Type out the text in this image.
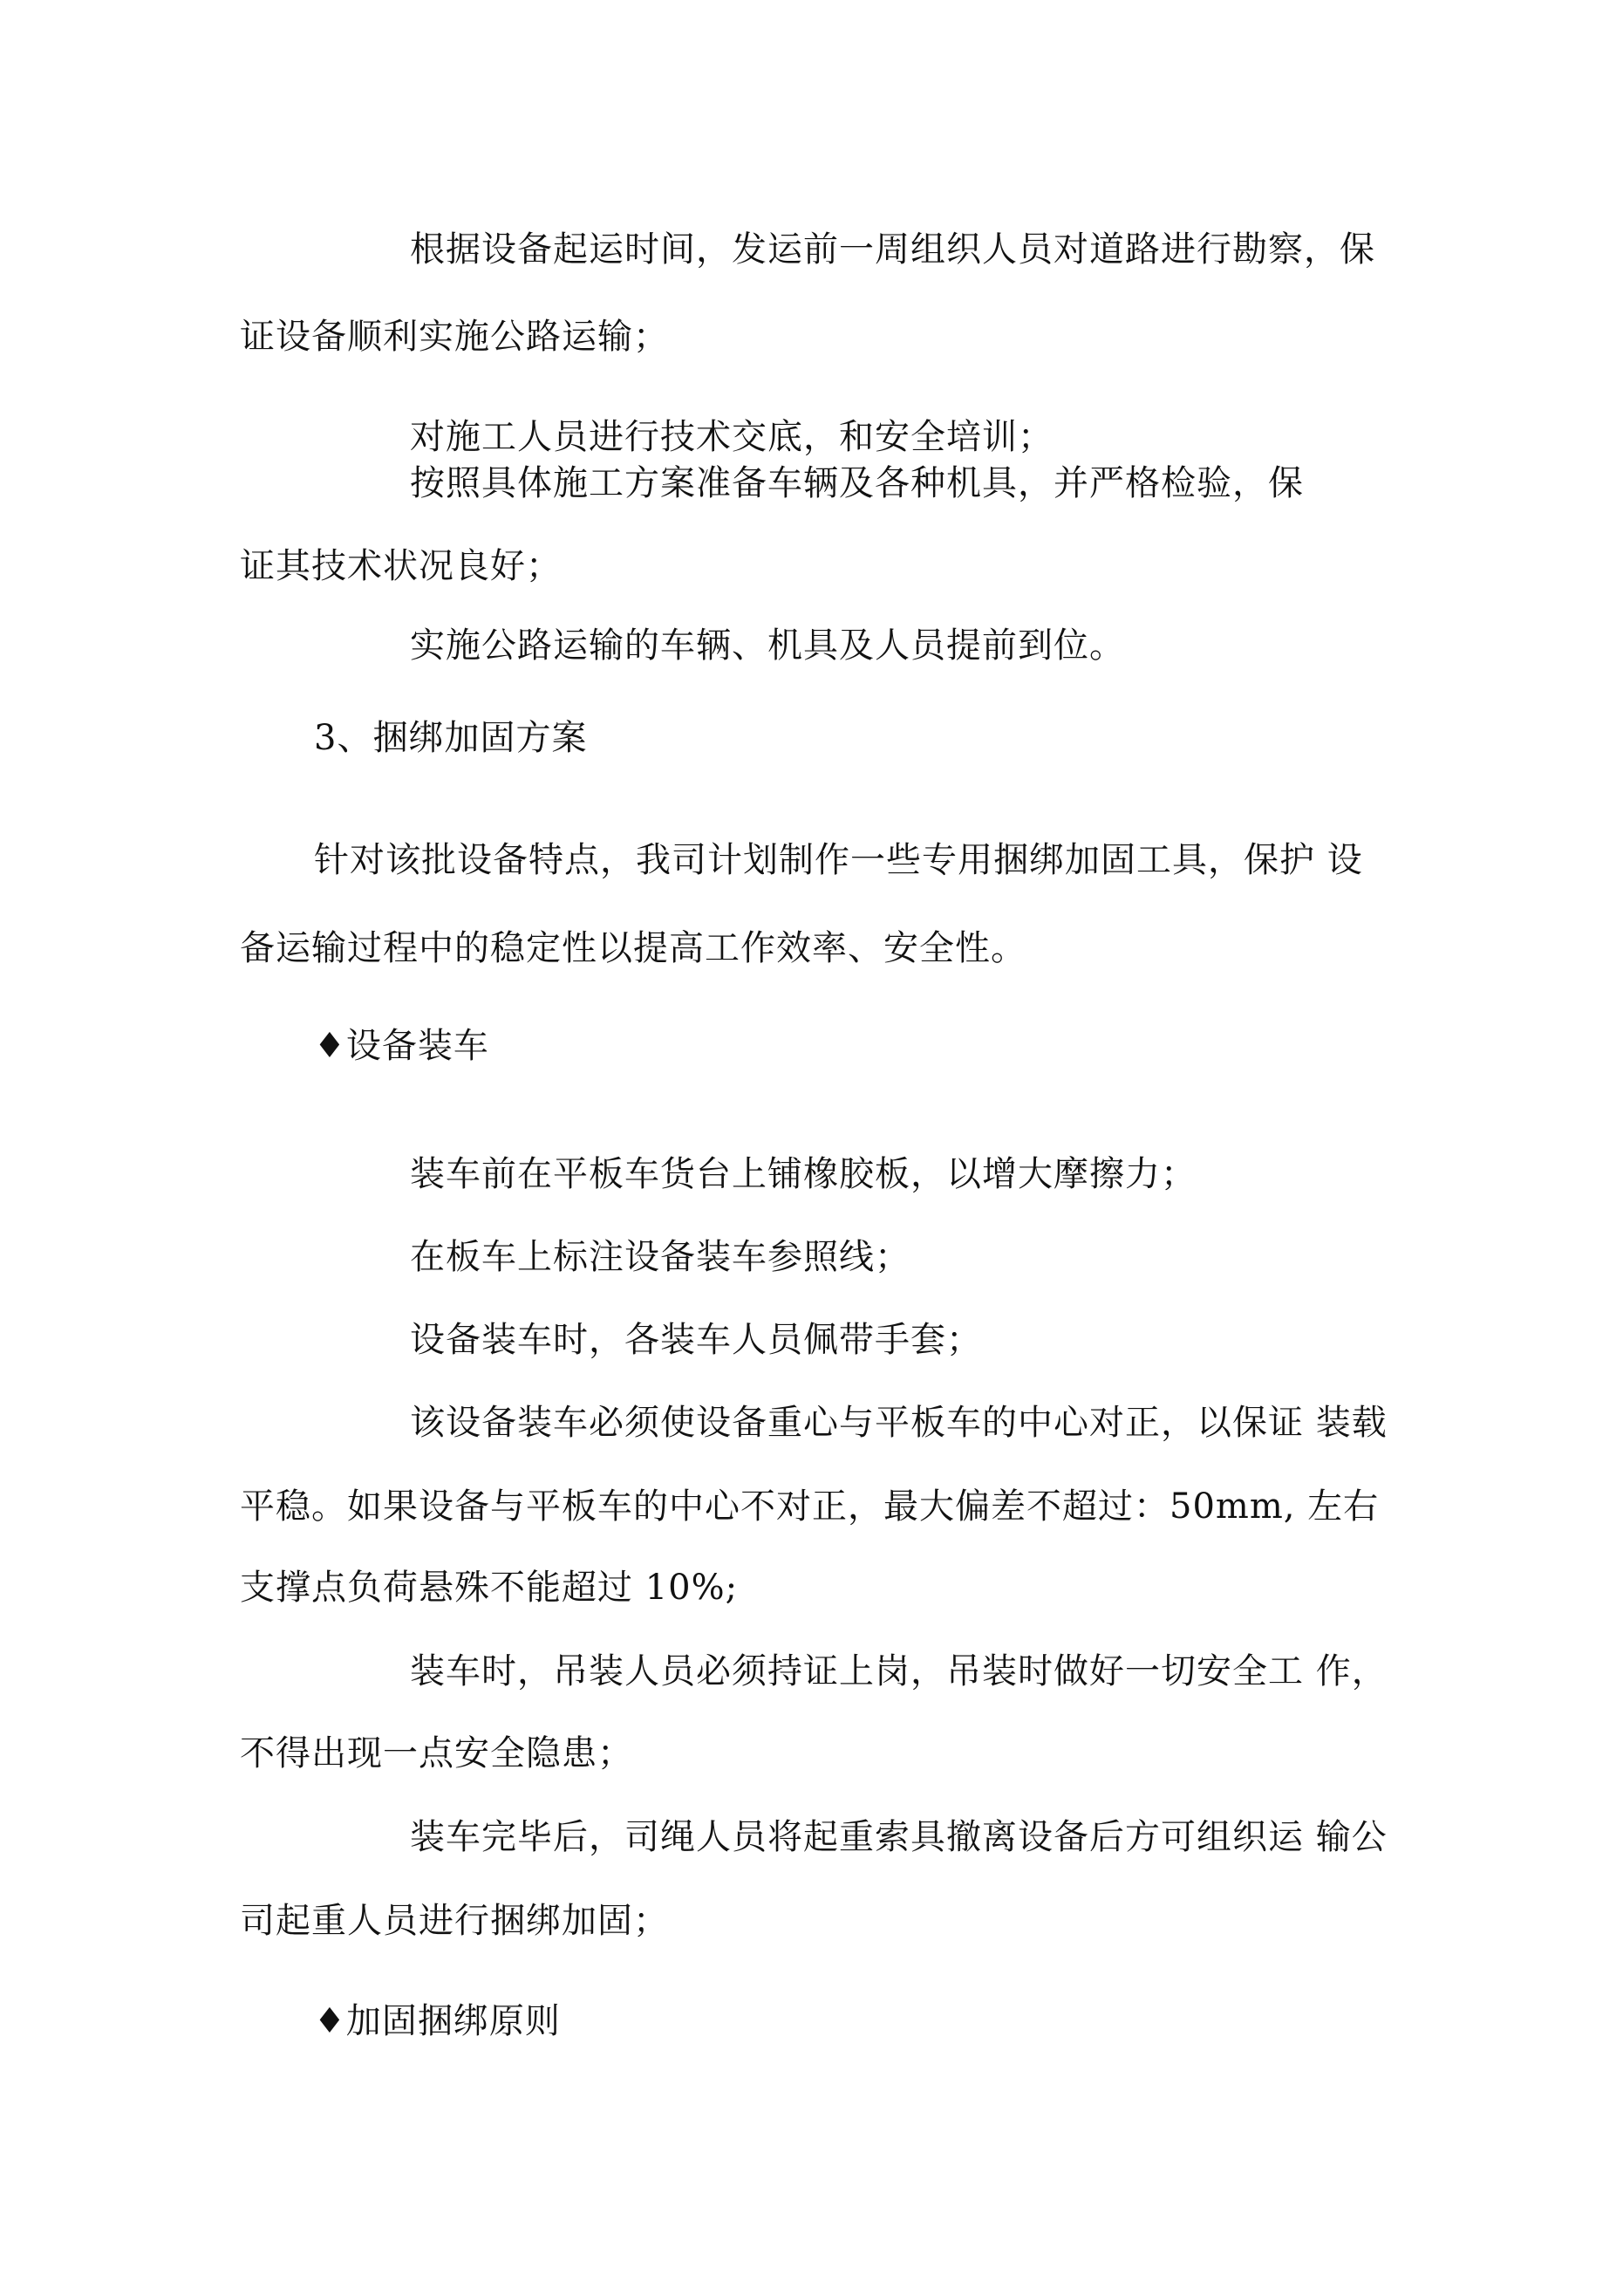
根据设备起运时间，发运前一周组织人员对道路进行勘察，保
证设备顺利实施公路运输；
对施工人员进行技术交底，和安全培训；
按照具体施工方案准备车辆及各种机具，并严格检验，保
证其技术状况良好；
实施公路运输的车辆、机具及人员提前到位。
3、捆绑加固方案
针对该批设备特点，我司计划制作一些专用捆绑加固工具，保护 设
备运输过程中的稳定性以提高工作效率、安全性。
♦设备装车
装车前在平板车货台上铺橡胶板，以增大摩擦力；
在板车上标注设备装车参照线；
设备装车时，各装车人员佩带手套；
该设备装车必须使设备重心与平板车的中心对正，以保证 装载
平稳。如果设备与平板车的中心不对正，最大偏差不超过：50mm, 左右
支撑点负荷悬殊不能超过 10%;
装车时，吊装人员必须持证上岗，吊装时做好一切安全工 作，
不得出现一点安全隐患；
装车完毕后，司绳人员将起重索具撤离设备后方可组织运 输公
司起重人员进行捆绑加固；
♦加固捆绑原则
